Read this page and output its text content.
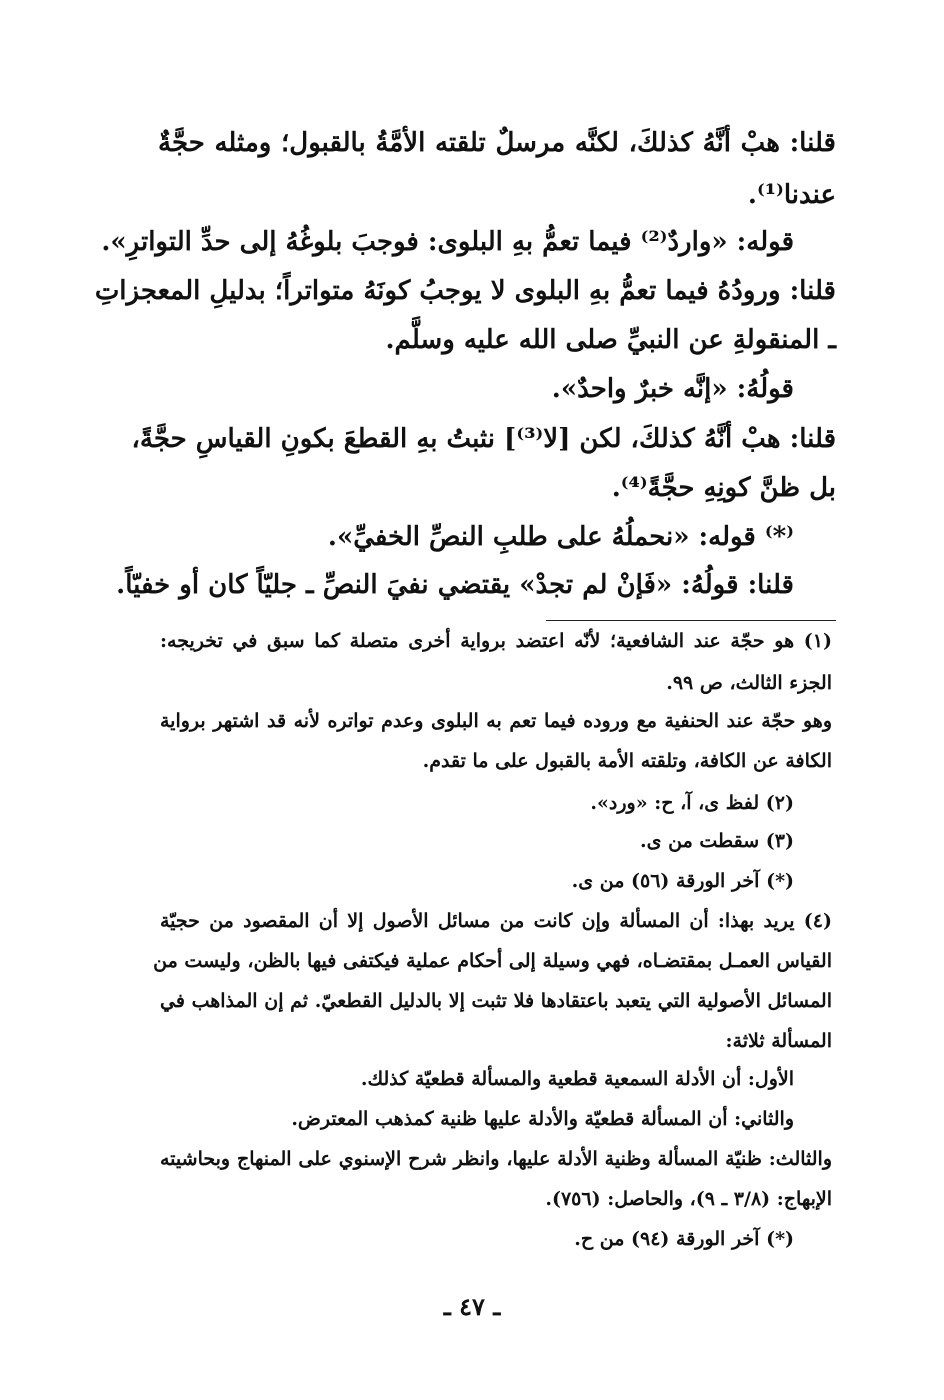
قلنا: هبْ أنَّهُ كذلكَ، لكنَّه مرسلٌ تلقته الأمَّةُ بالقبول؛ ومثله حجَّةٌ
عندنا⁽¹⁾.
قوله: «واردٌ⁽²⁾ فيما تعمُّ بهِ البلوى: فوجبَ بلوغُهُ إلى حدِّ التواترِ».
قلنا: ورودُهُ فيما تعمُّ بهِ البلوى لا يوجبُ كونَهُ متواتراً؛ بدليلِ المعجزاتِ
ـ المنقولةِ عن النبيِّ صلى الله عليه وسلَّم.
قولُهُ: «إنَّه خبرٌ واحدٌ».
قلنا: هبْ أنَّهُ كذلكَ، لكن [لا⁽³⁾] نثبتُ بهِ القطعَ بكونِ القياسِ حجَّةً،
بل ظنَّ كونِهِ حجَّةً⁽⁴⁾.
⁽*⁾ قوله: «نحملُهُ على طلبِ النصِّ الخفيِّ».
قلنا: قولُهُ: «فَإنْ لم تجدْ» يقتضي نفيَ النصِّ ـ جليّاً كان أو خفيّاً.
(١) هو حجّة عند الشافعية؛ لأنّه اعتضد برواية أخرى متصلة كما سبق في تخريجه:
الجزء الثالث، ص ٩٩.
وهو حجّة عند الحنفية مع وروده فيما تعم به البلوى وعدم تواتره لأنه قد اشتهر برواية
الكافة عن الكافة، وتلقته الأمة بالقبول على ما تقدم.
(٢) لفظ ى، آ، ح: «ورد».
(٣) سقطت من ى.
(*) آخر الورقة (٥٦) من ى.
(٤) يريد بهذا: أن المسألة وإن كانت من مسائل الأصول إلا أن المقصود من حجيّة
القياس العمـل بمقتضـاه، فهي وسيلة إلى أحكام عملية فيكتفى فيها بالظن، وليست من
المسائل الأصولية التي يتعبد باعتقادها فلا تثبت إلا بالدليل القطعيّ. ثم إن المذاهب في
المسألة ثلاثة:
الأول: أن الأدلة السمعية قطعية والمسألة قطعيّة كذلك.
والثاني: أن المسألة قطعيّة والأدلة عليها ظنية كمذهب المعترض.
والثالث: ظنيّة المسألة وظنية الأدلة عليها، وانظر شرح الإسنوي على المنهاج وبحاشيته
الإبهاج: (٣/٨ ـ ٩)، والحاصل: (٧٥٦).
(*) آخر الورقة (٩٤) من ح.
ـ ٤٧ ـ
